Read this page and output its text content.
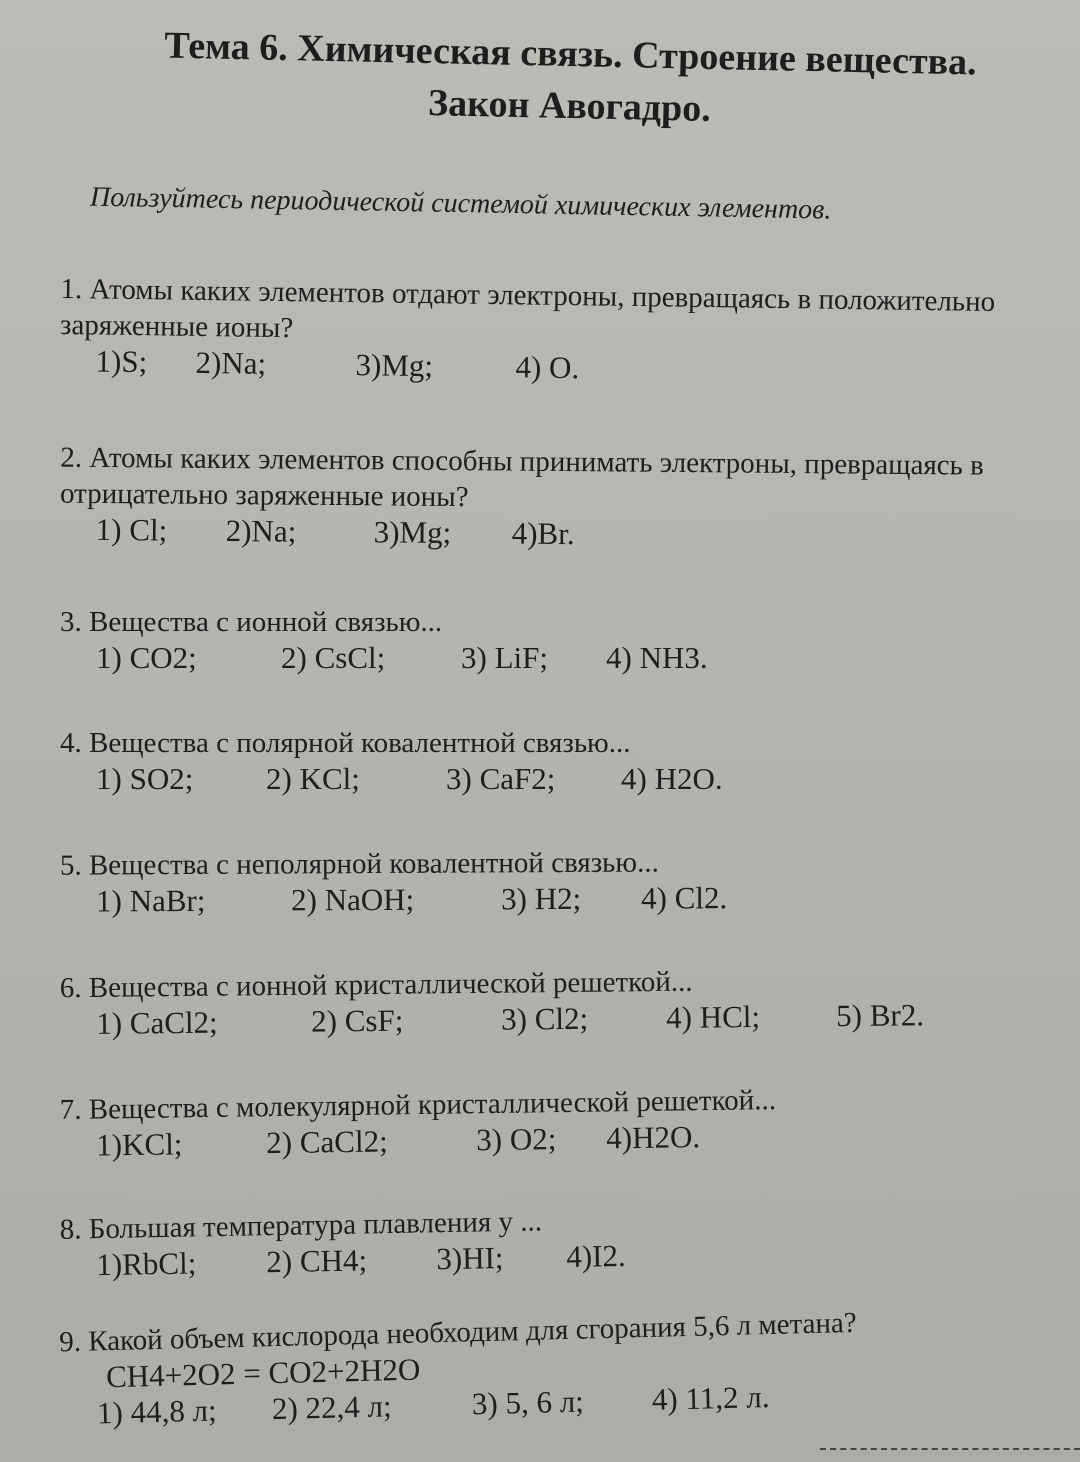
Тема 6. Химическая связь. Строение вещества.
Закон Авогадро.
Пользуйтесь периодической системой химических элементов.
1. Атомы каких элементов отдают электроны, превращаясь в положительно заряженные ионы?
1)S;	2)Na;	3)Mg;	4) O.
2. Атомы каких элементов способны принимать электроны, превращаясь в отрицательно заряженные ионы?
1) Cl;	2)Na;	3)Mg;	4)Br.
3. Вещества с ионной связью...
1) CO2;	2) CsCl;	3) LiF;	4) NH3.
4. Вещества с полярной ковалентной связью...
1) SO2;	2) KCl;	3) CaF2;	4) H2O.
5. Вещества с неполярной ковалентной связью...
1) NaBr;	2) NaOH;	3) H2;	4) Cl2.
6. Вещества с ионной кристаллической решеткой...
1) CaCl2;	2) CsF;	3) Cl2;	4) HCl;	5) Br2.
7. Вещества с молекулярной кристаллической решеткой...
1)KCl;	2) CaCl2;	3) O2;	4)H2O.
8. Большая температура плавления у ...
1)RbCl;	2) CH4;	3)HI;	4)I2.
9. Какой объем кислорода необходим для сгорания 5,6 л метана?
CH4+2O2 = CO2+2H2O
1) 44,8 л;	2) 22,4 л;	3) 5, 6 л;	4) 11,2 л.
